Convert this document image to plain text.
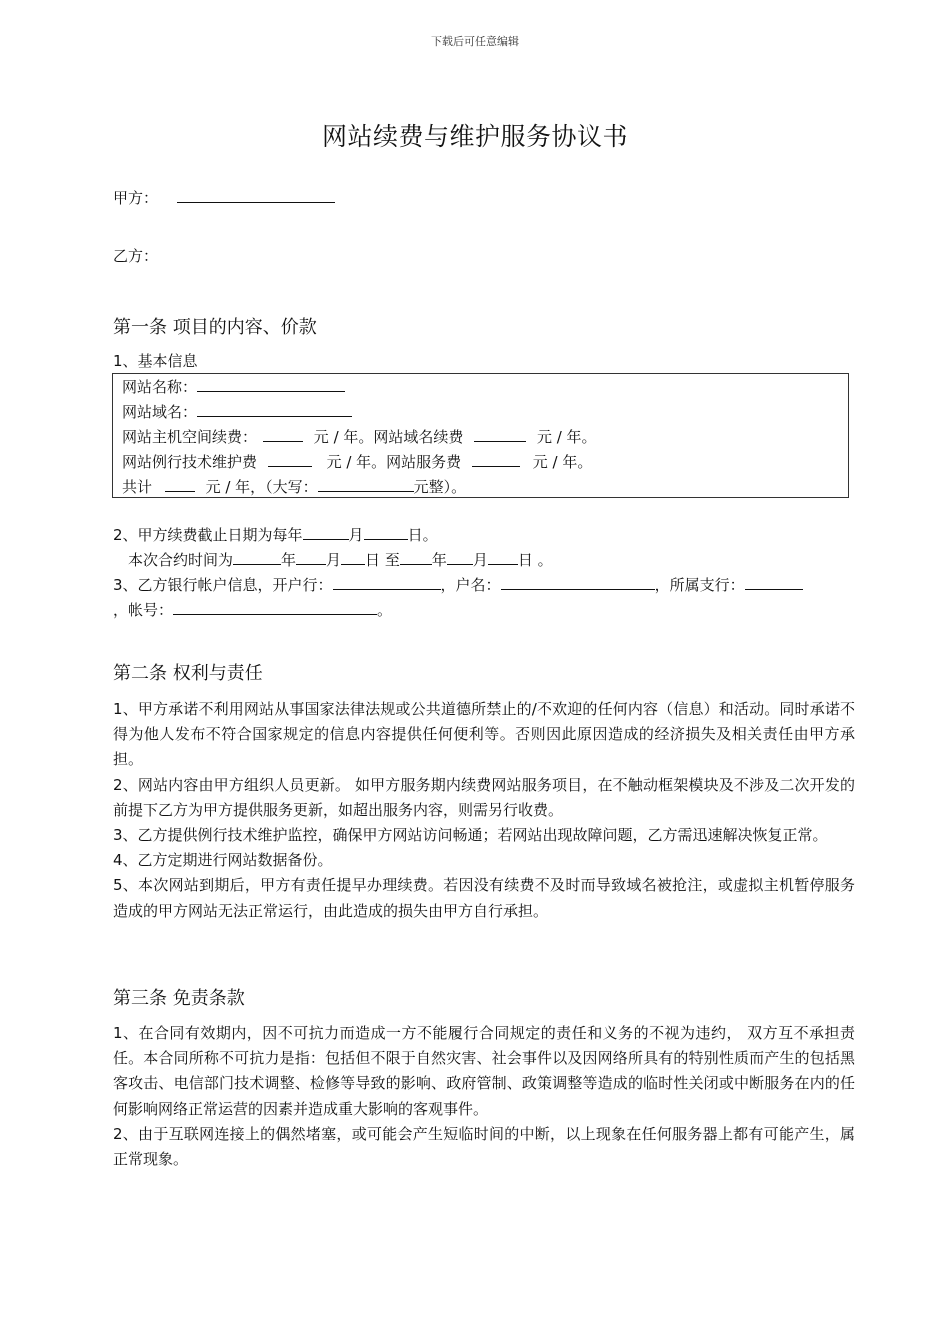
下载后可任意编辑
网站续费与维护服务协议书
甲方：
乙方：
第一条 项目的内容、价款
1、基本信息
网站名称：
网站域名：
网站主机空间续费：	元 / 年。网站域名续费	元 / 年。
网站例行技术维护费	元 / 年。网站服务费	元 / 年。
共计	元 / 年，（大写：	元整）。
2、甲方续费截止日期为每年	月	日。
本次合约时间为	年 月 日 至 年 月 日 。
3、乙方银行帐户信息，开户行：	，户名：	，所属支行：
，帐号：	。
第二条 权利与责任
1、甲方承诺不利用网站从事国家法律法规或公共道德所禁止的/不欢迎的任何内容（信息）和活动。同时承诺不得为他人发布不符合国家规定的信息内容提供任何便利等。否则因此原因造成的经济损失及相关责任由甲方承担。
2、网站内容由甲方组织人员更新。 如甲方服务期内续费网站服务项目，在不触动框架模块及不涉及二次开发的前提下乙方为甲方提供服务更新，如超出服务内容，则需另行收费。
3、乙方提供例行技术维护监控，确保甲方网站访问畅通；若网站出现故障问题，乙方需迅速解决恢复正常。
4、乙方定期进行网站数据备份。
5、本次网站到期后，甲方有责任提早办理续费。若因没有续费不及时而导致域名被抢注，或虚拟主机暂停服务造成的甲方网站无法正常运行，由此造成的损失由甲方自行承担。
第三条 免责条款
1、在合同有效期内，因不可抗力而造成一方不能履行合同规定的责任和义务的不视为违约， 双方互不承担责任。本合同所称不可抗力是指：包括但不限于自然灾害、社会事件以及因网络所具有的特别性质而产生的包括黑客攻击、电信部门技术调整、检修等导致的影响、政府管制、政策调整等造成的临时性关闭或中断服务在内的任何影响网络正常运营的因素并造成重大影响的客观事件。
2、由于互联网连接上的偶然堵塞，或可能会产生短临时间的中断，以上现象在任何服务器上都有可能产生，属正常现象。
